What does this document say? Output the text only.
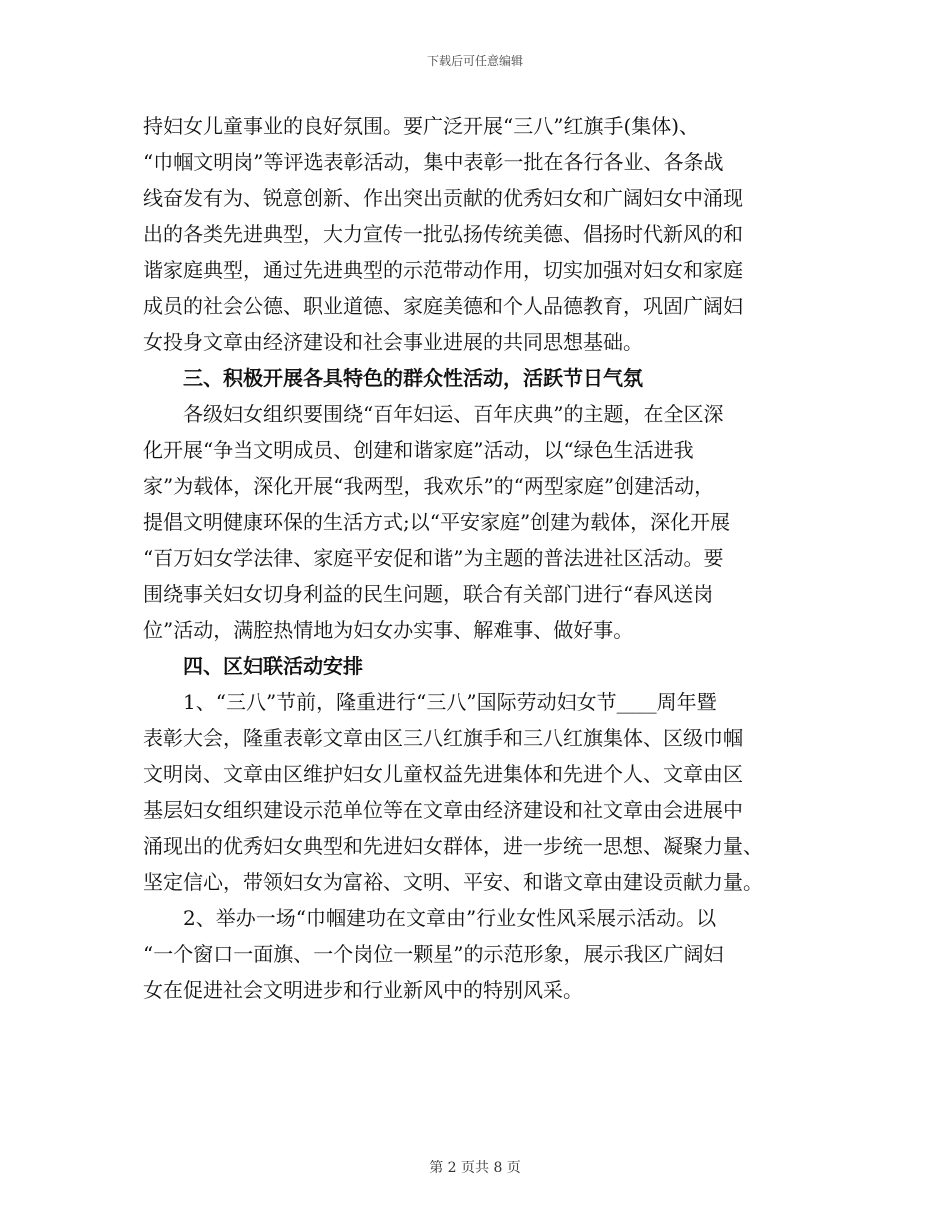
下载后可任意编辑
持妇女儿童事业的良好氛围。要广泛开展“三八”红旗手(集体)、
“巾帼文明岗”等评选表彰活动，集中表彰一批在各行各业、各条战
线奋发有为、锐意创新、作出突出贡献的优秀妇女和广阔妇女中涌现
出的各类先进典型，大力宣传一批弘扬传统美德、倡扬时代新风的和
谐家庭典型，通过先进典型的示范带动作用，切实加强对妇女和家庭
成员的社会公德、职业道德、家庭美德和个人品德教育，巩固广阔妇
女投身文章由经济建设和社会事业进展的共同思想基础。
三、积极开展各具特色的群众性活动，活跃节日气氛
各级妇女组织要围绕“百年妇运、百年庆典”的主题，在全区深
化开展“争当文明成员、创建和谐家庭”活动，以“绿色生活进我
家”为载体，深化开展“我两型，我欢乐”的“两型家庭”创建活动，
提倡文明健康环保的生活方式;以“平安家庭”创建为载体，深化开展
“百万妇女学法律、家庭平安促和谐”为主题的普法进社区活动。要
围绕事关妇女切身利益的民生问题，联合有关部门进行“春风送岗
位”活动，满腔热情地为妇女办实事、解难事、做好事。
四、区妇联活动安排
1、“三八”节前，隆重进行“三八”国际劳动妇女节____周年暨
表彰大会，隆重表彰文章由区三八红旗手和三八红旗集体、区级巾帼
文明岗、文章由区维护妇女儿童权益先进集体和先进个人、文章由区
基层妇女组织建设示范单位等在文章由经济建设和社文章由会进展中
涌现出的优秀妇女典型和先进妇女群体，进一步统一思想、凝聚力量、
坚定信心，带领妇女为富裕、文明、平安、和谐文章由建设贡献力量。
2、举办一场“巾帼建功在文章由”行业女性风采展示活动。以
“一个窗口一面旗、一个岗位一颗星”的示范形象，展示我区广阔妇
女在促进社会文明进步和行业新风中的特别风采。
第 2 页共 8 页
